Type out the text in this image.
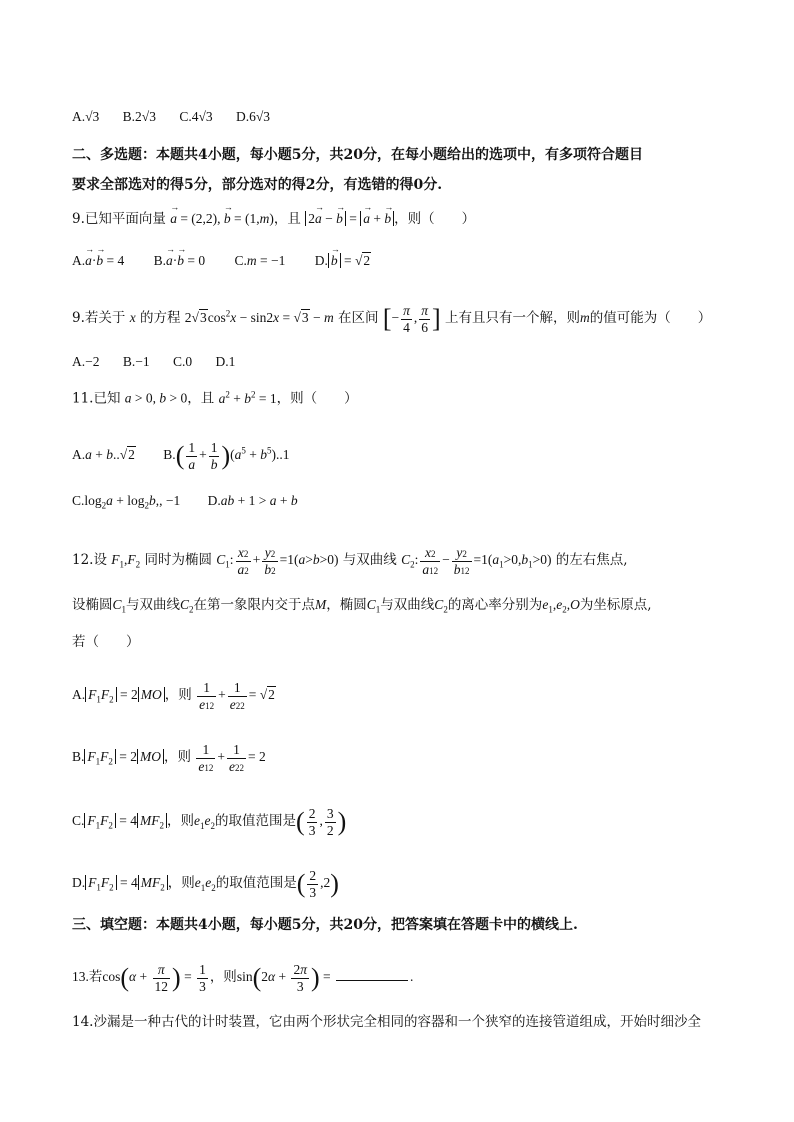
A.√3 B.2√3 C.4√3 D.6√3
二、多选题：本题共4小题，每小题5分，共20分，在每小题给出的选项中，有多项符合题目
要求全部选对的得5分，部分选对的得2分，有选错的得0分.
9.已知平面向量 → a = (2,2), → b = (1,m)，且 2→ a − → b = → a + → b ，则（　　）
A.→ a·→ b = 4 B.→ a·→ b = 0 C.m = −1 D. → b = √2
9.若关于 x 的方程 $2√3\cos^2x - \sin 2x = √3 - m$ 在区间 [− $\frac{\pi}{4}$ , $\frac{\pi}{6}$ ] 上有且只有一个解，则m的值可能为（　　）
A.−2 B.−1 C.0 D.1
11.已知 a > 0, b > 0，且 $a^2 + b^2 = 1$，则（　　）
A.a + b..√2 $B.( \frac{1}{a} + \frac{1}{b} )(a^5 + b^5)..1$
$C.\log_2a + \log_2b$,, −1 D.ab + 1 > a + b
12.设 $F_1,F_2$ 同时为椭圆 $C_1$: $\frac{x2}{a2} + \frac{y2}{b2} =1(a>b>0)$ 与双曲线 $C_2$: $\frac{x2}{a12} - \frac{y2}{b12} =1(a_1>0,b_1>0)$ 的左右焦点,
设椭圆$C_1$与双曲线$C_2$在第一象限内交于点M，椭圆$C_1$与双曲线$C_2$的离心率分别为$e_1,e_2,O$为坐标原点,
若（　　）
A. $F_1F_2 = 2$ MO ，则 $\frac{1}{e12} + \frac{1}{e22} = √2$
B. $F_1F_2 = 2$ MO ，则 $\frac{1}{e12} + \frac{1}{e22} = 2$
C. $F_1F_2 = 4$ $MF_2$ ，则$e_1e_2$的取值范围是( $\frac{2}{3}$ , $\frac{3}{2}$ )
D. $F_1F_2 = 4$ $MF_2$ ，则$e_1e_2$的取值范围是( $\frac{2}{3} ,2$)
三、填空题：本题共4小题，每小题5分，共20分，把答案填在答题卡中的横线上.
13.若$\cos(\alpha + \frac{\pi}{12}$ ) = $\frac{1}{3}$ ，则$\sin(2\alpha + \frac{2\pi}{3}$ ) =	.
14.沙漏是一种古代的计时装置，它由两个形状完全相同的容器和一个狭窄的连接管道组成，开始时细沙全
